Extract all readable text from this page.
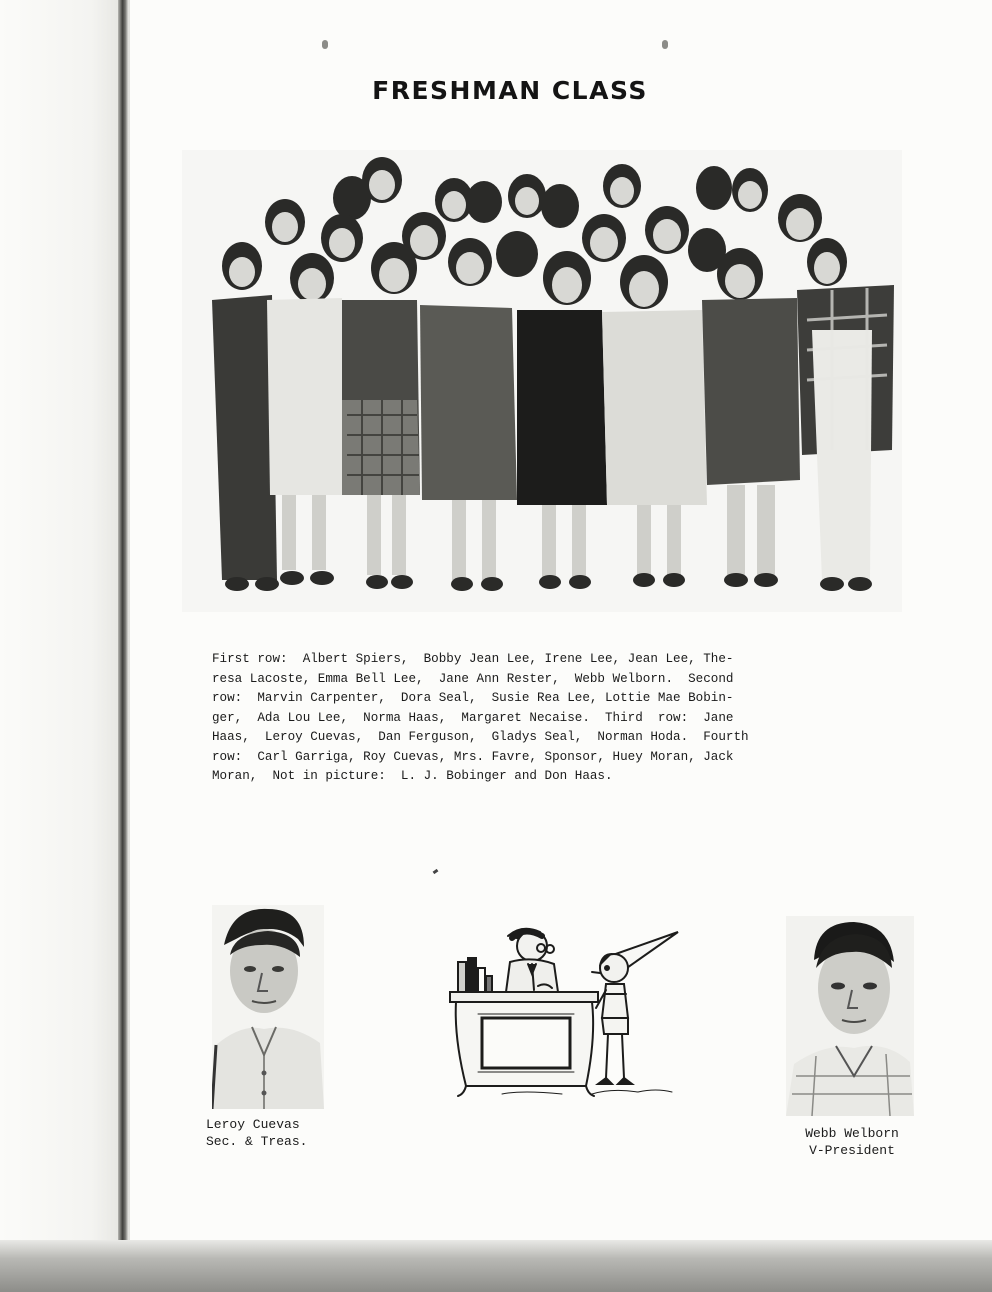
FRESHMAN CLASS
First row:  Albert Spiers,  Bobby Jean Lee, Irene Lee, Jean Lee, The-
resa Lacoste, Emma Bell Lee,  Jane Ann Rester,  Webb Welborn.  Second
row:  Marvin Carpenter,  Dora Seal,  Susie Rea Lee, Lottie Mae Bobin-
ger,  Ada Lou Lee,  Norma Haas,  Margaret Necaise.  Third  row:  Jane
Haas,  Leroy Cuevas,  Dan Ferguson,  Gladys Seal,  Norman Hoda.  Fourth
row:  Carl Garriga, Roy Cuevas, Mrs. Favre, Sponsor, Huey Moran, Jack
Moran,  Not in picture:  L. J. Bobinger and Don Haas.
Leroy Cuevas
Sec. & Treas.
Webb Welborn
V-President
